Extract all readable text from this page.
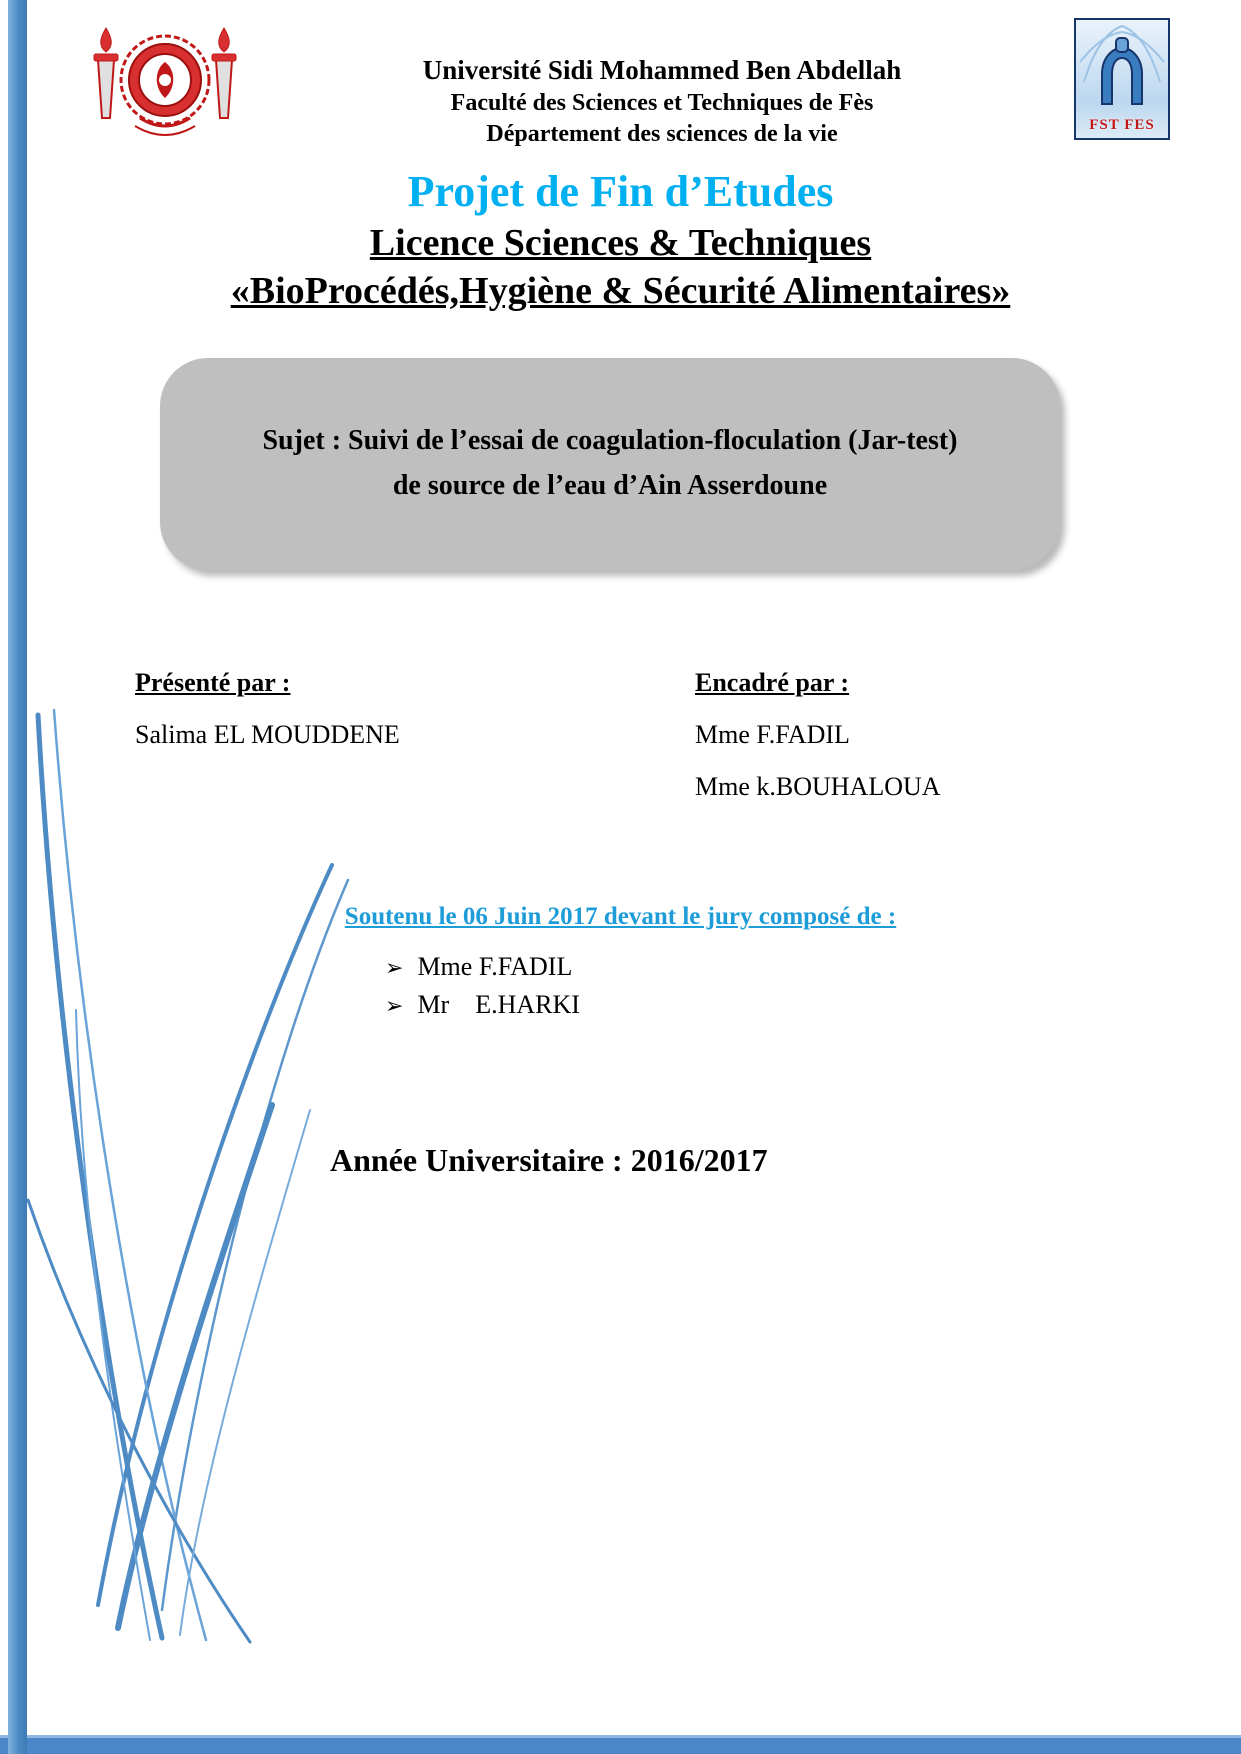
Université Sidi Mohammed Ben Abdellah
Faculté des Sciences et Techniques de Fès
Département des sciences de la vie	FST FES
Projet de Fin d’Etudes
Licence Sciences & Techniques
«BioProcédés,Hygiène & Sécurité Alimentaires»
Sujet : Suivi de l’essai de coagulation-floculation (Jar-test)
de source de l’eau d’Ain Asserdoune
Présenté par :
Salima EL MOUDDENE
Encadré par :
Mme F.FADIL
Mme k.BOUHALOUA
Soutenu le 06 Juin 2017 devant le jury composé de :
➢ Mme F.FADIL
➢ Mr    E.HARKI
Année Universitaire : 2016/2017
